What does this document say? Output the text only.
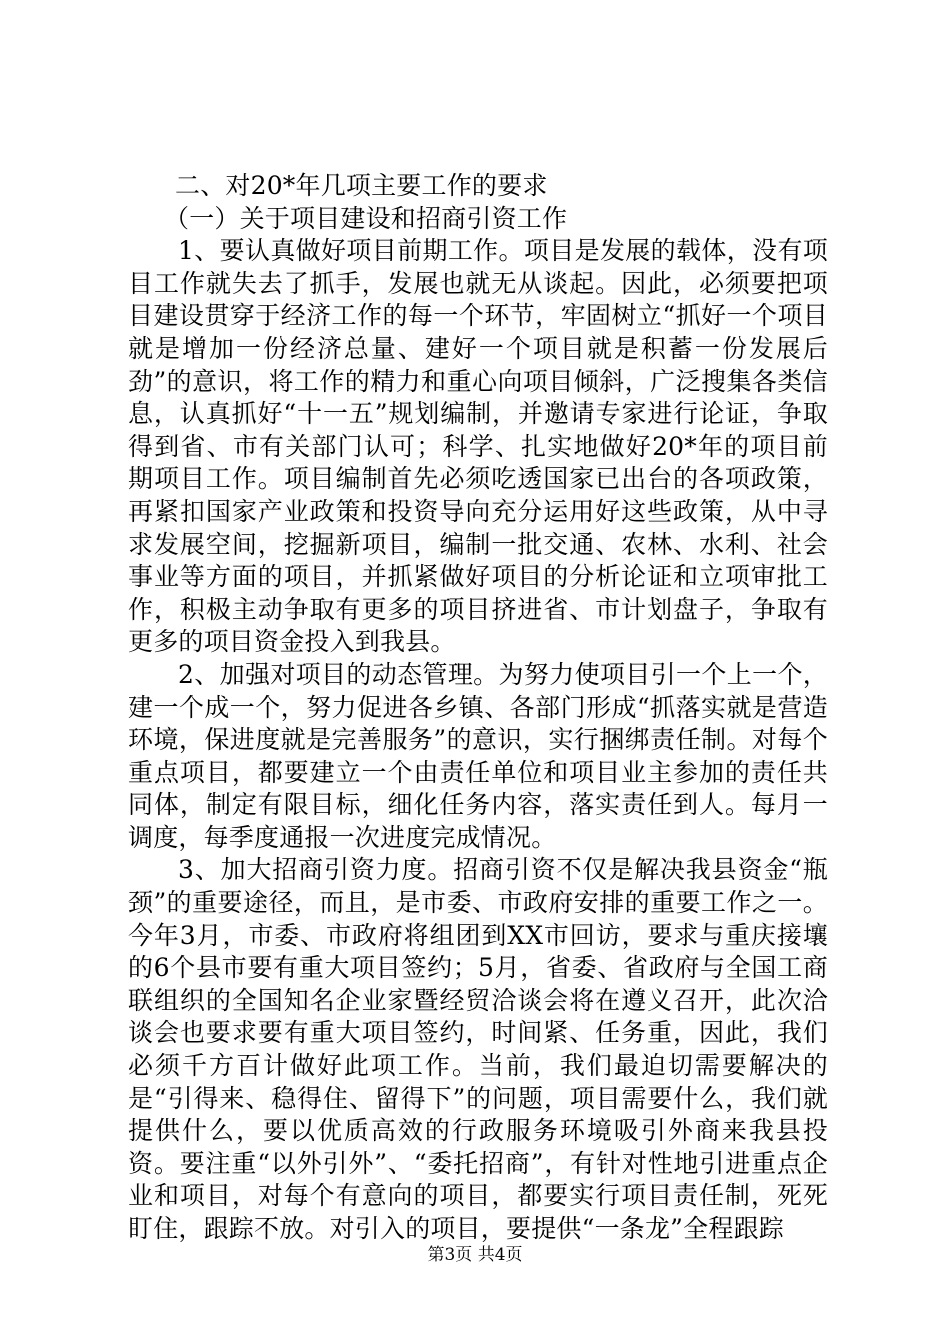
二、对20*年几项主要工作的要求
（一）关于项目建设和招商引资工作

1、要认真做好项目前期工作。项目是发展的载体，没有项目工作就失去了抓手，发展也就无从谈起。因此，必须要把项目建设贯穿于经济工作的每一个环节，牢固树立“抓好一个项目就是增加一份经济总量、建好一个项目就是积蓄一份发展后劲”的意识，将工作的精力和重心向项目倾斜，广泛搜集各类信息，认真抓好“十一五”规划编制，并邀请专家进行论证，争取得到省、市有关部门认可；科学、扎实地做好20*年的项目前期项目工作。项目编制首先必须吃透国家已出台的各项政策，再紧扣国家产业政策和投资导向充分运用好这些政策，从中寻求发展空间，挖掘新项目，编制一批交通、农林、水利、社会事业等方面的项目，并抓紧做好项目的分析论证和立项审批工作，积极主动争取有更多的项目挤进省、市计划盘子，争取有更多的项目资金投入到我县。

2、加强对项目的动态管理。为努力使项目引一个上一个，建一个成一个，努力促进各乡镇、各部门形成“抓落实就是营造环境，保进度就是完善服务”的意识，实行捆绑责任制。对每个重点项目，都要建立一个由责任单位和项目业主参加的责任共同体，制定有限目标，细化任务内容，落实责任到人。每月一调度，每季度通报一次进度完成情况。

3、加大招商引资力度。招商引资不仅是解决我县资金“瓶颈”的重要途径，而且，是市委、市政府安排的重要工作之一。今年3月，市委、市政府将组团到XX市回访，要求与重庆接壤的6个县市要有重大项目签约；5月，省委、省政府与全国工商联组织的全国知名企业家暨经贸洽谈会将在遵义召开，此次洽谈会也要求要有重大项目签约，时间紧、任务重，因此，我们必须千方百计做好此项工作。当前，我们最迫切需要解决的是“引得来、稳得住、留得下”的问题，项目需要什么，我们就提供什么，要以优质高效的行政服务环境吸引外商来我县投资。要注重“以外引外”、“委托招商”，有针对性地引进重点企业和项目，对每个有意向的项目，都要实行项目责任制，死死盯住，跟踪不放。对引入的项目，要提供“一条龙”全程跟踪

第3页 共4页
